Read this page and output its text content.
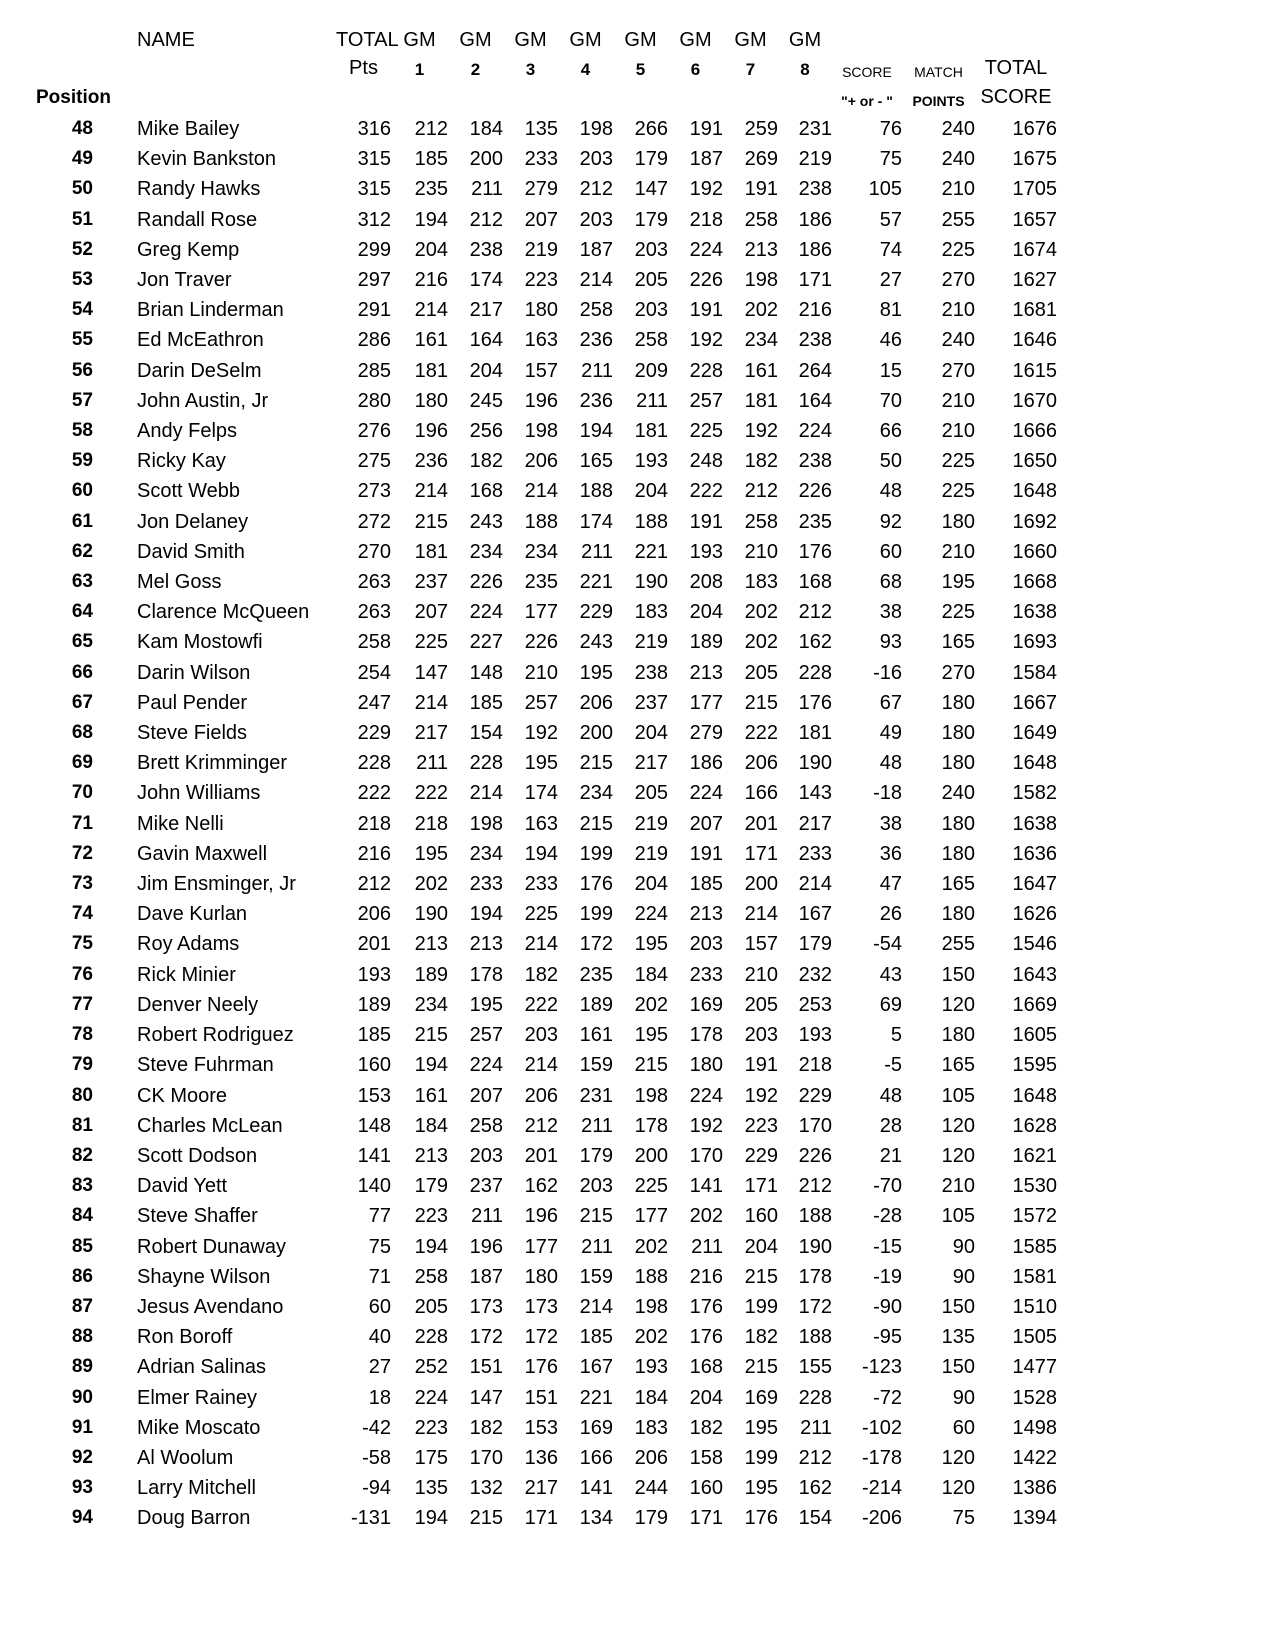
	NAME	TOTAL	GM	GM	GM	GM	GM	GM	GM	GM			
		Pts	1	2	3	4	5	6	7	8	SCORE	MATCH	TOTAL
Position											"+ or - "	POINTS	SCORE
48	Mike Bailey	316	212	184	135	198	266	191	259	231	76	240	1676
49	Kevin Bankston	315	185	200	233	203	179	187	269	219	75	240	1675
50	Randy Hawks	315	235	211	279	212	147	192	191	238	105	210	1705
51	Randall Rose	312	194	212	207	203	179	218	258	186	57	255	1657
52	Greg Kemp	299	204	238	219	187	203	224	213	186	74	225	1674
53	Jon Traver	297	216	174	223	214	205	226	198	171	27	270	1627
54	Brian Linderman	291	214	217	180	258	203	191	202	216	81	210	1681
55	Ed McEathron	286	161	164	163	236	258	192	234	238	46	240	1646
56	Darin DeSelm	285	181	204	157	211	209	228	161	264	15	270	1615
57	John Austin, Jr	280	180	245	196	236	211	257	181	164	70	210	1670
58	Andy Felps	276	196	256	198	194	181	225	192	224	66	210	1666
59	Ricky Kay	275	236	182	206	165	193	248	182	238	50	225	1650
60	Scott Webb	273	214	168	214	188	204	222	212	226	48	225	1648
61	Jon Delaney	272	215	243	188	174	188	191	258	235	92	180	1692
62	David Smith	270	181	234	234	211	221	193	210	176	60	210	1660
63	Mel Goss	263	237	226	235	221	190	208	183	168	68	195	1668
64	Clarence McQueen	263	207	224	177	229	183	204	202	212	38	225	1638
65	Kam Mostowfi	258	225	227	226	243	219	189	202	162	93	165	1693
66	Darin Wilson	254	147	148	210	195	238	213	205	228	-16	270	1584
67	Paul Pender	247	214	185	257	206	237	177	215	176	67	180	1667
68	Steve Fields	229	217	154	192	200	204	279	222	181	49	180	1649
69	Brett Krimminger	228	211	228	195	215	217	186	206	190	48	180	1648
70	John Williams	222	222	214	174	234	205	224	166	143	-18	240	1582
71	Mike Nelli	218	218	198	163	215	219	207	201	217	38	180	1638
72	Gavin Maxwell	216	195	234	194	199	219	191	171	233	36	180	1636
73	Jim Ensminger, Jr	212	202	233	233	176	204	185	200	214	47	165	1647
74	Dave Kurlan	206	190	194	225	199	224	213	214	167	26	180	1626
75	Roy Adams	201	213	213	214	172	195	203	157	179	-54	255	1546
76	Rick Minier	193	189	178	182	235	184	233	210	232	43	150	1643
77	Denver Neely	189	234	195	222	189	202	169	205	253	69	120	1669
78	Robert Rodriguez	185	215	257	203	161	195	178	203	193	5	180	1605
79	Steve Fuhrman	160	194	224	214	159	215	180	191	218	-5	165	1595
80	CK Moore	153	161	207	206	231	198	224	192	229	48	105	1648
81	Charles McLean	148	184	258	212	211	178	192	223	170	28	120	1628
82	Scott Dodson	141	213	203	201	179	200	170	229	226	21	120	1621
83	David Yett	140	179	237	162	203	225	141	171	212	-70	210	1530
84	Steve Shaffer	77	223	211	196	215	177	202	160	188	-28	105	1572
85	Robert Dunaway	75	194	196	177	211	202	211	204	190	-15	90	1585
86	Shayne Wilson	71	258	187	180	159	188	216	215	178	-19	90	1581
87	Jesus Avendano	60	205	173	173	214	198	176	199	172	-90	150	1510
88	Ron Boroff	40	228	172	172	185	202	176	182	188	-95	135	1505
89	Adrian Salinas	27	252	151	176	167	193	168	215	155	-123	150	1477
90	Elmer Rainey	18	224	147	151	221	184	204	169	228	-72	90	1528
91	Mike Moscato	-42	223	182	153	169	183	182	195	211	-102	60	1498
92	Al Woolum	-58	175	170	136	166	206	158	199	212	-178	120	1422
93	Larry Mitchell	-94	135	132	217	141	244	160	195	162	-214	120	1386
94	Doug Barron	-131	194	215	171	134	179	171	176	154	-206	75	1394
